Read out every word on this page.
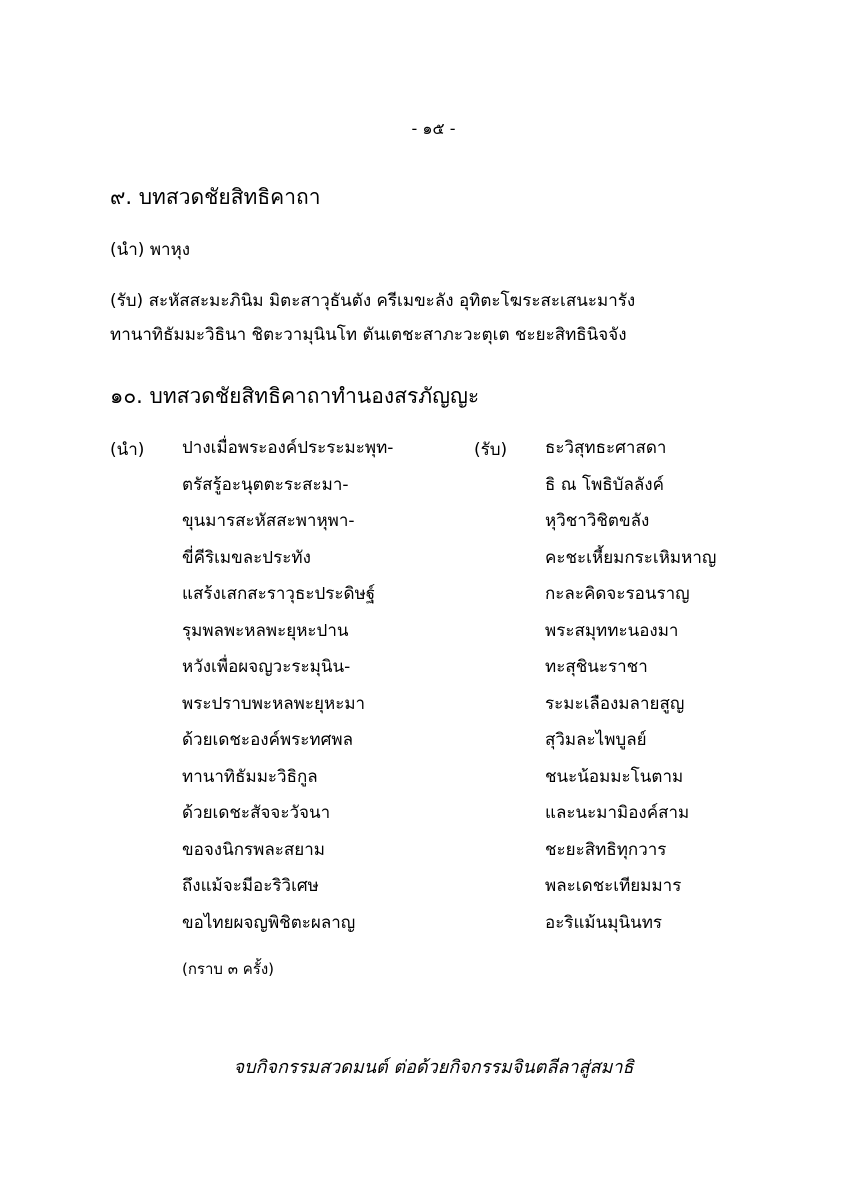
- ๑๕ -
๙. บทสวดชัยสิทธิคาถา
(นำ) พาหุง
(รับ) สะหัสสะมะภินิม มิตะสาวุธันตัง ครีเมขะลัง อุทิตะโฆระสะเสนะมารัง
ทานาทิธัมมะวิธินา ชิตะวามุนินโท ตันเตชะสาภะวะตุเต ชะยะสิทธินิจจัง
๑๐. บทสวดชัยสิทธิคาถาทำนองสรภัญญะ
(นำ)	(รับ)
ปางเมื่อพระองค์ประระมะพุท-
ตรัสรู้อะนุตตะระสะมา-
ขุนมารสะหัสสะพาหุพา-
ขี่คีริเมขละประทัง
แสร้งเสกสะราวุธะประดิษฐ์
รุมพลพะหลพะยุหะปาน
หวังเพื่อผจญวะระมุนิน-
พระปราบพะหลพะยุหะมา
ด้วยเดชะองค์พระทศพล
ทานาทิธัมมะวิธิกูล
ด้วยเดชะสัจจะวัจนา
ขอจงนิกรพละสยาม
ถึงแม้จะมีอะริวิเศษ
ขอไทยผจญพิชิตะผลาญ
ธะวิสุทธะศาสดา
ธิ ณ โพธิบัลลังค์
หุวิชาวิชิตขลัง
คะชะเหี้ยมกระเหิมหาญ
กะละคิดจะรอนราญ
พระสมุททะนองมา
ทะสุชินะราชา
ระมะเลืองมลายสูญ
สุวิมละไพบูลย์
ชนะน้อมมะโนตาม
และนะมามิองค์สาม
ชะยะสิทธิทุกวาร
พละเดชะเทียมมาร
อะริแม้นมุนินทร
(กราบ ๓ ครั้ง)
จบกิจกรรมสวดมนต์ ต่อด้วยกิจกรรมจินตลีลาสู่สมาธิ
